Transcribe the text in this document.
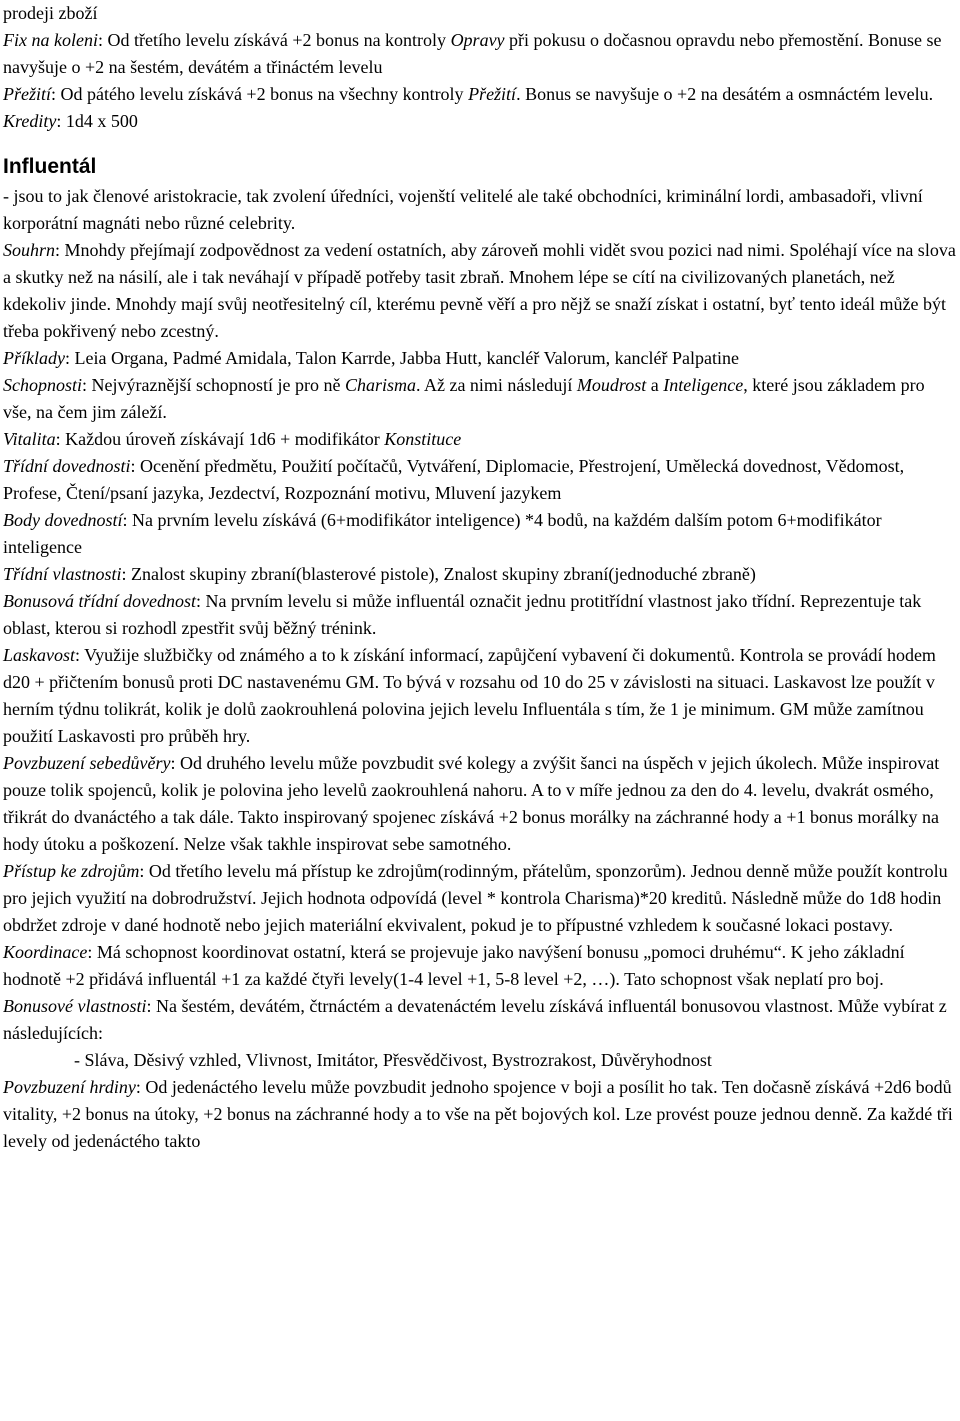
prodeji zboží

Fix na koleni: Od třetího levelu získává +2 bonus na kontroly Opravy při pokusu o dočasnou opravdu nebo přemostění. Bonuse se navyšuje o +2 na šestém, devátém a třináctém levelu

Přežití: Od pátého levelu získává +2 bonus na všechny kontroly Přežití. Bonus se navyšuje o +2 na desátém a osmnáctém levelu.

Kredity: 1d4 x 500

Influentál

- jsou to jak členové aristokracie, tak zvolení úředníci, vojenští velitelé ale také obchodníci, kriminální lordi, ambasadoři, vlivní korporátní magnáti nebo různé celebrity.

Souhrn: Mnohdy přejímají zodpovědnost za vedení ostatních, aby zároveň mohli vidět svou pozici nad nimi. Spoléhají více na slova a skutky než na násilí, ale i tak neváhají v případě potřeby tasit zbraň. Mnohem lépe se cítí na civilizovaných planetách, než kdekoliv jinde. Mnohdy mají svůj neotřesitelný cíl, kterému pevně věří a pro nějž se snaží získat i ostatní, byť tento ideál může být třeba pokřivený nebo zcestný.

Příklady: Leia Organa, Padmé Amidala, Talon Karrde, Jabba Hutt, kancléř Valorum, kancléř Palpatine

Schopnosti: Nejvýraznější schopností je pro ně Charisma. Až za nimi následují Moudrost a Inteligence, které jsou základem pro vše, na čem jim záleží.

Vitalita: Každou úroveň získávají 1d6 + modifikátor Konstituce

Třídní dovednosti: Ocenění předmětu, Použití počítačů, Vytváření, Diplomacie, Přestrojení, Umělecká dovednost, Vědomost, Profese, Čtení/psaní jazyka, Jezdectví, Rozpoznání motivu, Mluvení jazykem

Body dovedností: Na prvním levelu získává (6+modifikátor inteligence) *4 bodů, na každém dalším potom 6+modifikátor inteligence

Třídní vlastnosti: Znalost skupiny zbraní(blasterové pistole), Znalost skupiny zbraní(jednoduché zbraně)

Bonusová třídní dovednost: Na prvním levelu si může influentál označit jednu protitřídní vlastnost jako třídní. Reprezentuje tak oblast, kterou si rozhodl zpestřit svůj běžný trénink.

Laskavost: Využije službičky od známého a to k získání informací, zapůjčení vybavení či dokumentů. Kontrola se provádí hodem d20 + přičtením bonusů proti DC nastavenému GM. To bývá v rozsahu od 10 do 25 v závislosti na situaci. Laskavost lze použít v herním týdnu tolikrát, kolik je dolů zaokrouhlená polovina jejich levelu Influentála s tím, že 1 je minimum. GM může zamítnou použití Laskavosti pro průběh hry.

Povzbuzení sebedůvěry: Od druhého levelu může povzbudit své kolegy a zvýšit šanci na úspěch v jejich úkolech. Může inspirovat pouze tolik spojenců, kolik je polovina jeho levelů zaokrouhlená nahoru. A to v míře jednou za den do 4. levelu, dvakrát osmého, třikrát do dvanáctého a tak dále. Takto inspirovaný spojenec získává +2 bonus morálky na záchranné hody a +1 bonus morálky na hody útoku a poškození. Nelze však takhle inspirovat sebe samotného.

Přístup ke zdrojům: Od třetího levelu má přístup ke zdrojům(rodinným, přátelům, sponzorům). Jednou denně může použít kontrolu pro jejich využití na dobrodružství. Jejich hodnota odpovídá (level * kontrola Charisma)*20 kreditů. Následně může do 1d8 hodin obdržet zdroje v dané hodnotě nebo jejich materiální ekvivalent, pokud je to přípustné vzhledem k současné lokaci postavy.

Koordinace: Má schopnost koordinovat ostatní, která se projevuje jako navýšení bonusu „pomoci druhému“. K jeho základní hodnotě +2 přidává influentál +1 za každé čtyři levely(1-4 level +1, 5-8 level +2, …). Tato schopnost však neplatí pro boj.

Bonusové vlastnosti: Na šestém, devátém, čtrnáctém a devatenáctém levelu získává influentál bonusovou vlastnost. Může vybírat z následujících:

- Sláva, Děsivý vzhled, Vlivnost, Imitátor, Přesvědčivost, Bystrozrakost, Důvěryhodnost

Povzbuzení hrdiny: Od jedenáctého levelu může povzbudit jednoho spojence v boji a posílit ho tak. Ten dočasně získává +2d6 bodů vitality, +2 bonus na útoky, +2 bonus na záchranné hody a to vše na pět bojových kol. Lze provést pouze jednou denně. Za každé tři levely od jedenáctého takto
